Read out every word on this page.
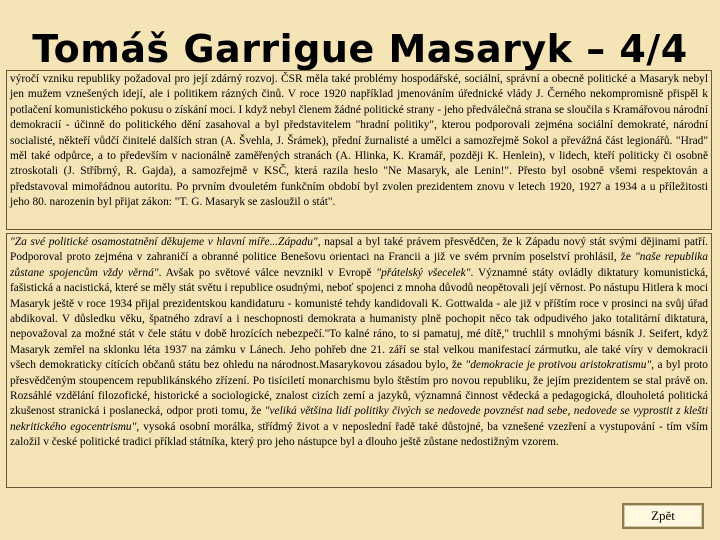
Tomáš Garrigue Masaryk – 4/4

výročí vzniku republiky požadoval pro její zdárný rozvoj. ČSR měla také problémy hospodářské, sociální, správní a obecně politické a Masaryk nebyl jen mužem vznešených idejí, ale i politikem rázných činů. V roce 1920 například jmenováním úřednické vlády J. Černého nekompromisně přispěl k potlačení komunistického pokusu o získání moci. I když nebyl členem žádné politické strany - jeho předválečná strana se sloučila s Kramářovou národní demokracií - účinně do politického dění zasahoval a byl představitelem "hradní politiky", kterou podporovali zejména sociální demokraté, národní socialisté, někteří vůdčí činitelé dalších stran (A. Švehla, J. Šrámek), přední žurnalisté a umělci a samozřejmě Sokol a převážná část legionářů. "Hrad" měl také odpůrce, a to především v nacionálně zaměřených stranách (A. Hlinka, K. Kramář, později K. Henlein), v lidech, kteří politicky či osobně ztroskotali (J. Stříbrný, R. Gajda), a samozřejmě v KSČ, která razila heslo "Ne Masaryk, ale Lenin!". Přesto byl osobně všemi respektován a představoval mimořádnou autoritu. Po prvním dvouletém funkčním období byl zvolen prezidentem znovu v letech 1920, 1927 a 1934 a u příležitosti jeho 80. narozenin byl přijat zákon: "T. G. Masaryk se zasloužil o stát".

"Za své politické osamostatnění děkujeme v hlavní míře...Západu", napsal a byl také právem přesvědčen, že k Západu nový stát svými dějinami patří. Podporoval proto zejména v zahraničí a obranné politice Benešovu orientaci na Francii a již ve svém prvním poselství prohlásil, že "naše republika zůstane spojencům vždy věrná". Avšak po světové válce nevznikl v Evropě "přátelský všecelek". Významné státy ovládly diktatury komunistická, fašistická a nacistická, které se měly stát světu i republice osudnými, neboť spojenci z mnoha důvodů neopětovali její věrnost. Po nástupu Hitlera k moci Masaryk ještě v roce 1934 přijal prezidentskou kandidaturu - komunisté tehdy kandidovali K. Gottwalda - ale již v příštím roce v prosinci na svůj úřad abdikoval. V důsledku věku, špatného zdraví a i neschopnosti demokrata a humanisty plně pochopit něco tak odpudivého jako totalitární diktatura, nepovažoval za možné stát v čele státu v době hrozících nebezpečí."To kalné ráno, to si pamatuj, mé dítě," truchlil s mnohými básník J. Seifert, když Masaryk zemřel na sklonku léta 1937 na zámku v Lánech. Jeho pohřeb dne 21. září se stal velkou manifestací zármutku, ale také víry v demokracii všech demokraticky cítících občanů státu bez ohledu na národnost.Masarykovou zásadou bylo, že "demokracie je protivou aristokratismu", a byl proto přesvědčeným stoupencem republikánského zřízení. Po tisíciletí monarchismu bylo štěstím pro novou republiku, že jejím prezidentem se stal právě on. Rozsáhlé vzdělání filozofické, historické a sociologické, znalost cizích zemí a jazyků, významná činnost vědecká a pedagogická, dlouholetá politická zkušenost stranická i poslanecká, odpor proti tomu, že "veliká většina lidí politiky čivých se nedovede povznést nad sebe, nedovede se vyprostit z klešti nekritického egocentrismu", vysoká osobní morálka, střídmý život a v neposlední řadě také důstojné, ba vznešené vzezření a vystupování - tím vším založil v české politické tradici příklad státníka, který pro jeho nástupce byl a dlouho ještě zůstane nedostižným vzorem.

Zpět
